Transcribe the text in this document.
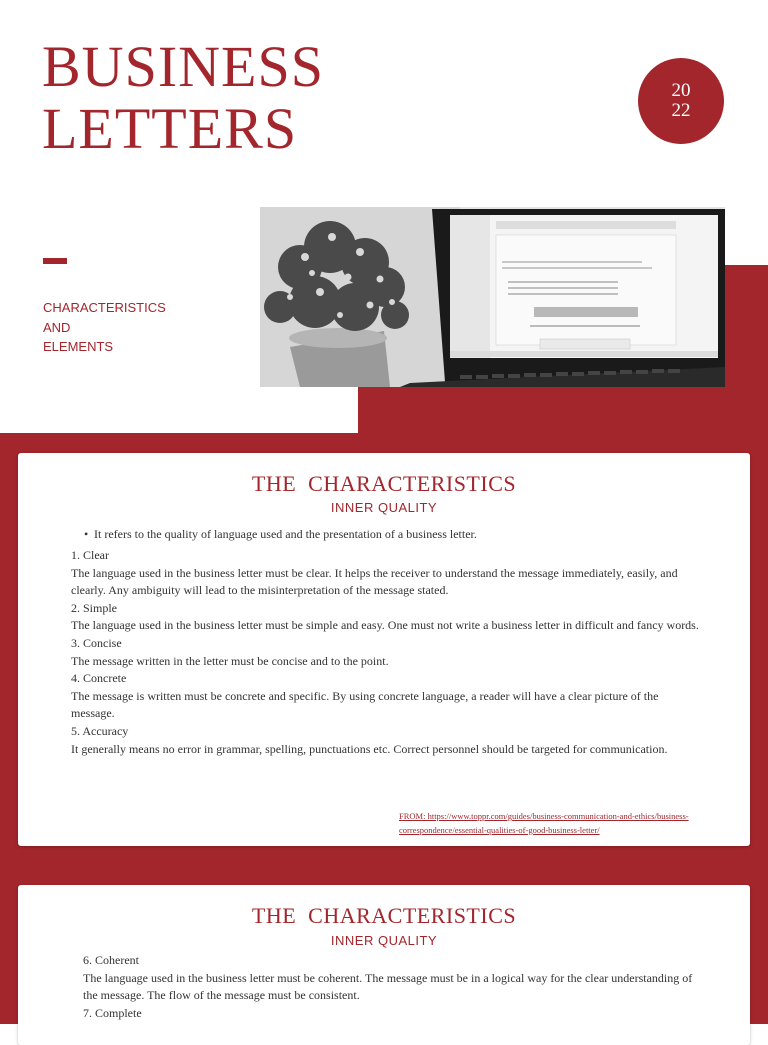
BUSINESS
LETTERS
20
22
CHARACTERISTICS
AND
ELEMENTS
THE  CHARACTERISTICS
INNER QUALITY
• It refers to the quality of language used and the presentation of a business letter.
1. Clear
The language used in the business letter must be clear. It helps the receiver to understand the message immediately, easily, and clearly. Any ambiguity will lead to the misinterpretation of the message stated.
2. Simple
The language used in the business letter must be simple and easy. One must not write a business letter in difficult and fancy words.
3. Concise
The message written in the letter must be concise and to the point.
4. Concrete
The message is written must be concrete and specific. By using concrete language, a reader will have a clear picture of the message.
5. Accuracy
It generally means no error in grammar, spelling, punctuations etc. Correct personnel should be targeted for communication.
FROM: https://www.toppr.com/guides/business-communication-and-ethics/business-correspondence/essential-qualities-of-good-business-letter/
THE  CHARACTERISTICS
INNER QUALITY
6. Coherent
The language used in the business letter must be coherent. The message must be in a logical way for the clear understanding of the message. The flow of the message must be consistent.
7. Complete
